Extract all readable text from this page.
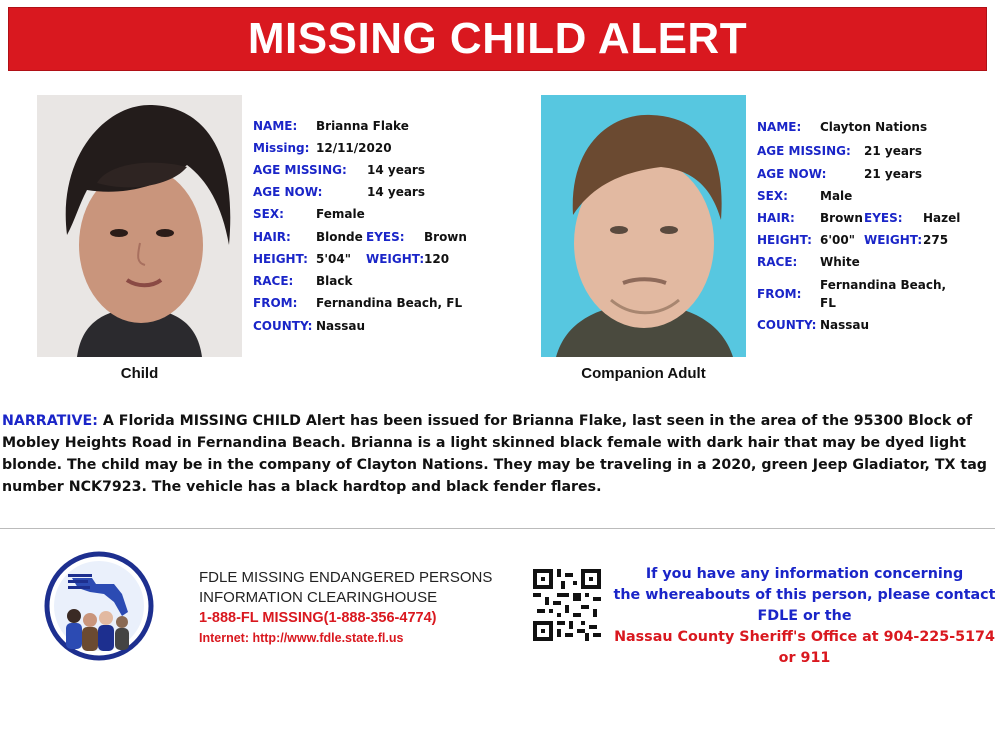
MISSING CHILD ALERT
Child
NAME: Brianna Flake
Missing: 12/11/2020
AGE MISSING: 14 years
AGE NOW:	14 years
SEX:	Female
HAIR: Blonde EYES: Brown
HEIGHT: 5'04" WEIGHT: 120
RACE: Black
FROM: Fernandina Beach, FL
COUNTY: Nassau
Companion Adult
NAME: Clayton Nations
AGE MISSING: 21 years
AGE NOW:	21 years
SEX:	Male
HAIR: Brown EYES: Hazel
HEIGHT: 6'00" WEIGHT: 275
RACE: White
FROM:
Fernandina Beach,
FL
COUNTY: Nassau
NARRATIVE: A Florida MISSING CHILD Alert has been issued for Brianna Flake, last seen in the area of the 95300 Block of Mobley Heights Road in Fernandina Beach. Brianna is a light skinned black female with dark hair that may be dyed light blonde. The child may be in the company of Clayton Nations. They may be traveling in a 2020, green Jeep Gladiator, TX tag number NCK7923. The vehicle has a black hardtop and black fender flares.
FDLE MISSING ENDANGERED PERSONS
INFORMATION CLEARINGHOUSE
1-888-FL MISSING(1-888-356-4774)
Internet: http://www.fdle.state.fl.us
If you have any information concerning
the whereabouts of this person, please contact
FDLE or the
Nassau County Sheriff's Office at 904-225-5174
or 911
